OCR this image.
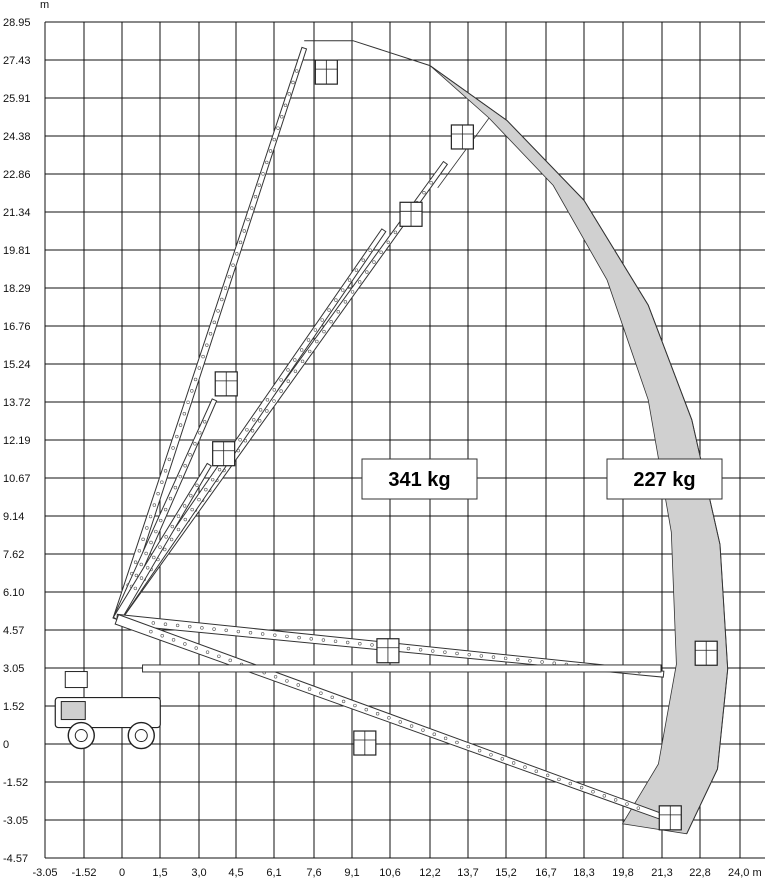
28.95
27.43
25.91
24.38
22.86
21.34
19.81
18.29
16.76
15.24
13.72
12.19
10.67
9.14
7.62
6.10
4.57
3.05
1.52
0
-1.52
-3.05
-4.57
-3.05 -1.52 0 1,5 3,0 4,5 6,1 7,6 9,1 10,6 12,2 13,7 15,2 16,7 18,3 19,8 21,3 22,8 24,0 m
m
341 kg	227 kg
